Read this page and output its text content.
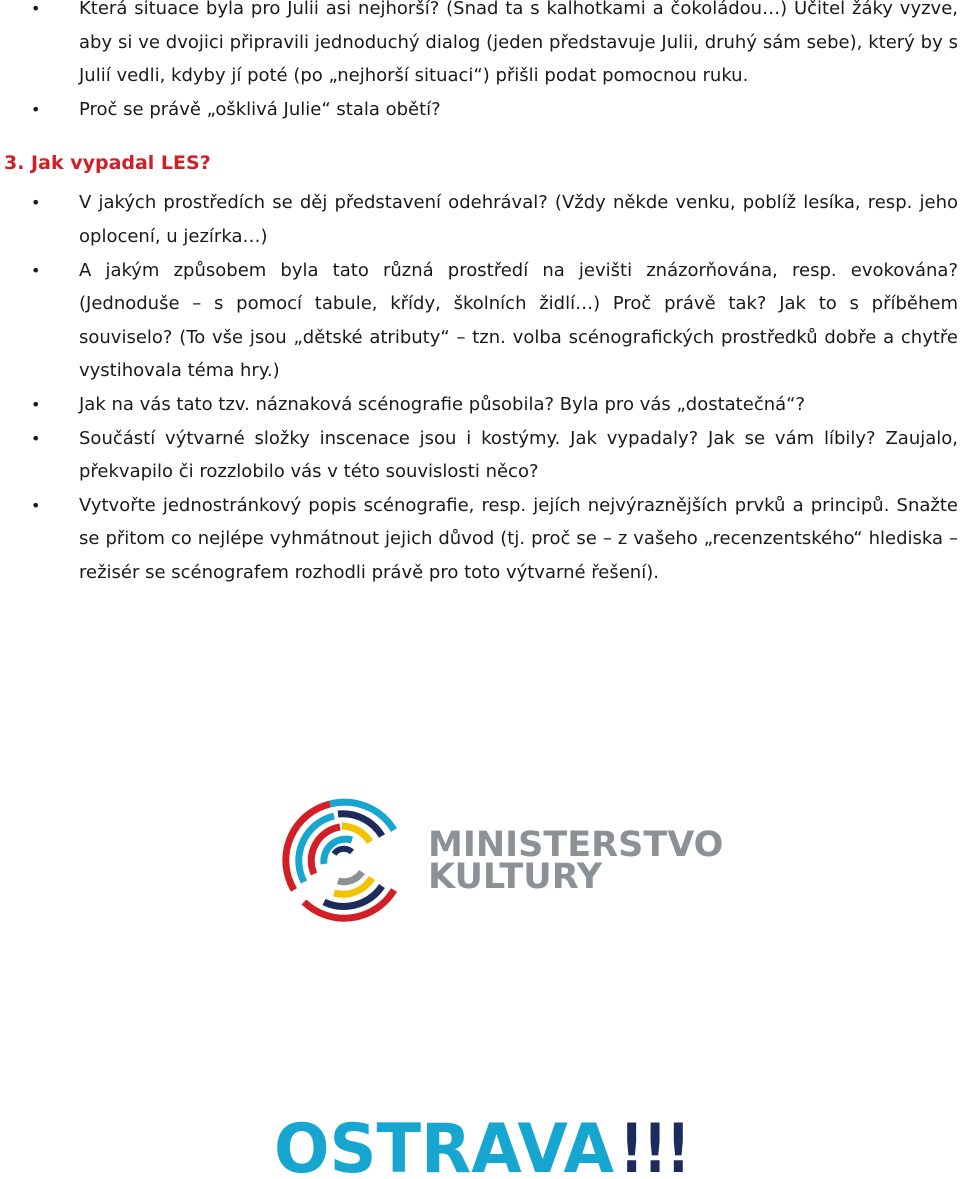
• Která situace byla pro Julii asi nejhorší? (Snad ta s kalhotkami a čokoládou…) Učitel žáky vyzve, aby si ve dvojici připravili jednoduchý dialog (jeden představuje Julii, druhý sám sebe), který by s Julií vedli, kdyby jí poté (po „nejhorší situaci“) přišli podat pomocnou ruku.
• Proč se právě „ošklivá Julie“ stala obětí?
3. Jak vypadal LES?
• V jakých prostředích se děj představení odehrával? (Vždy někde venku, poblíž lesíka, resp. jeho oplocení, u jezírka…)
• A jakým způsobem byla tato různá prostředí na jevišti znázorňována, resp. evokována? (Jednoduše – s pomocí tabule, křídy, školních židlí…) Proč právě tak? Jak to s příběhem souviselo? (To vše jsou „dětské atributy“ – tzn. volba scénografických prostředků dobře a chytře vystihovala téma hry.)
• Jak na vás tato tzv. náznaková scénografie působila? Byla pro vás „dostatečná“?
• Součástí výtvarné složky inscenace jsou i kostýmy. Jak vypadaly? Jak se vám líbily? Zaujalo, překvapilo či rozzlobilo vás v této souvislosti něco?
• Vytvořte jednostránkový popis scénografie, resp. jejích nejvýraznějších prvků a principů. Snažte se přitom co nejlépe vyhmátnout jejich důvod (tj. proč se – z vašeho „recenzentského“ hlediska – režisér se scénografem rozhodli právě pro toto výtvarné řešení).
MINISTERSTVO
KULTURY
OSTRAVA !!!
